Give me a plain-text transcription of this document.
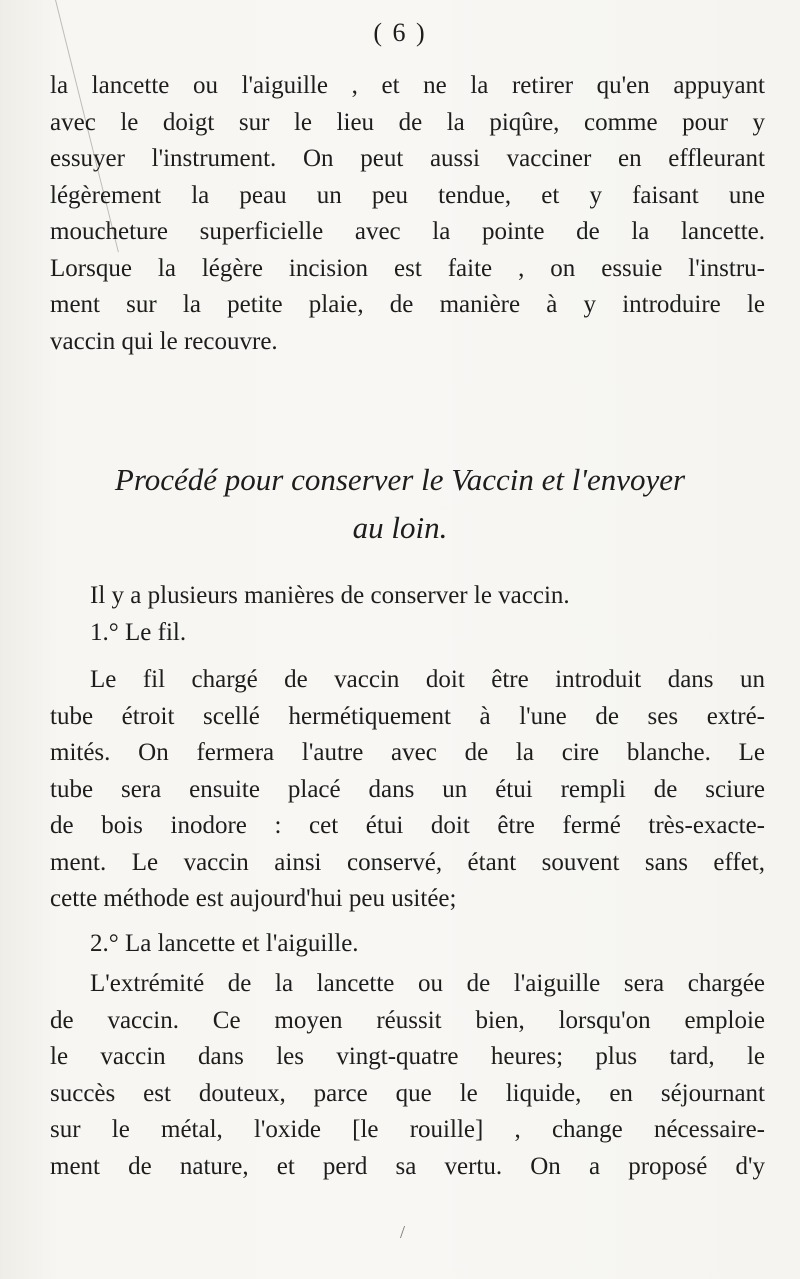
( 6 )
la lancette ou l'aiguille , et ne la retirer qu'en appuyant
avec le doigt sur le lieu de la piqûre, comme pour y
essuyer l'instrument. On peut aussi vacciner en effleurant
légèrement la peau un peu tendue, et y faisant une
moucheture superficielle avec la pointe de la lancette.
Lorsque la légère incision est faite , on essuie l'instru-
ment sur la petite plaie, de manière à y introduire le
vaccin qui le recouvre.
Procédé pour conserver le Vaccin et l'envoyer
au loin.
Il y a plusieurs manières de conserver le vaccin.
1.° Le fil.
Le fil chargé de vaccin doit être introduit dans un
tube étroit scellé hermétiquement à l'une de ses extré-
mités. On fermera l'autre avec de la cire blanche. Le
tube sera ensuite placé dans un étui rempli de sciure
de bois inodore : cet étui doit être fermé très-exacte-
ment. Le vaccin ainsi conservé, étant souvent sans effet,
cette méthode est aujourd'hui peu usitée;
2.° La lancette et l'aiguille.
L'extrémité de la lancette ou de l'aiguille sera chargée
de vaccin. Ce moyen réussit bien, lorsqu'on emploie
le vaccin dans les vingt-quatre heures; plus tard, le
succès est douteux, parce que le liquide, en séjournant
sur le métal, l'oxide [le rouille] , change nécessaire-
ment de nature, et perd sa vertu. On a proposé d'y
/
